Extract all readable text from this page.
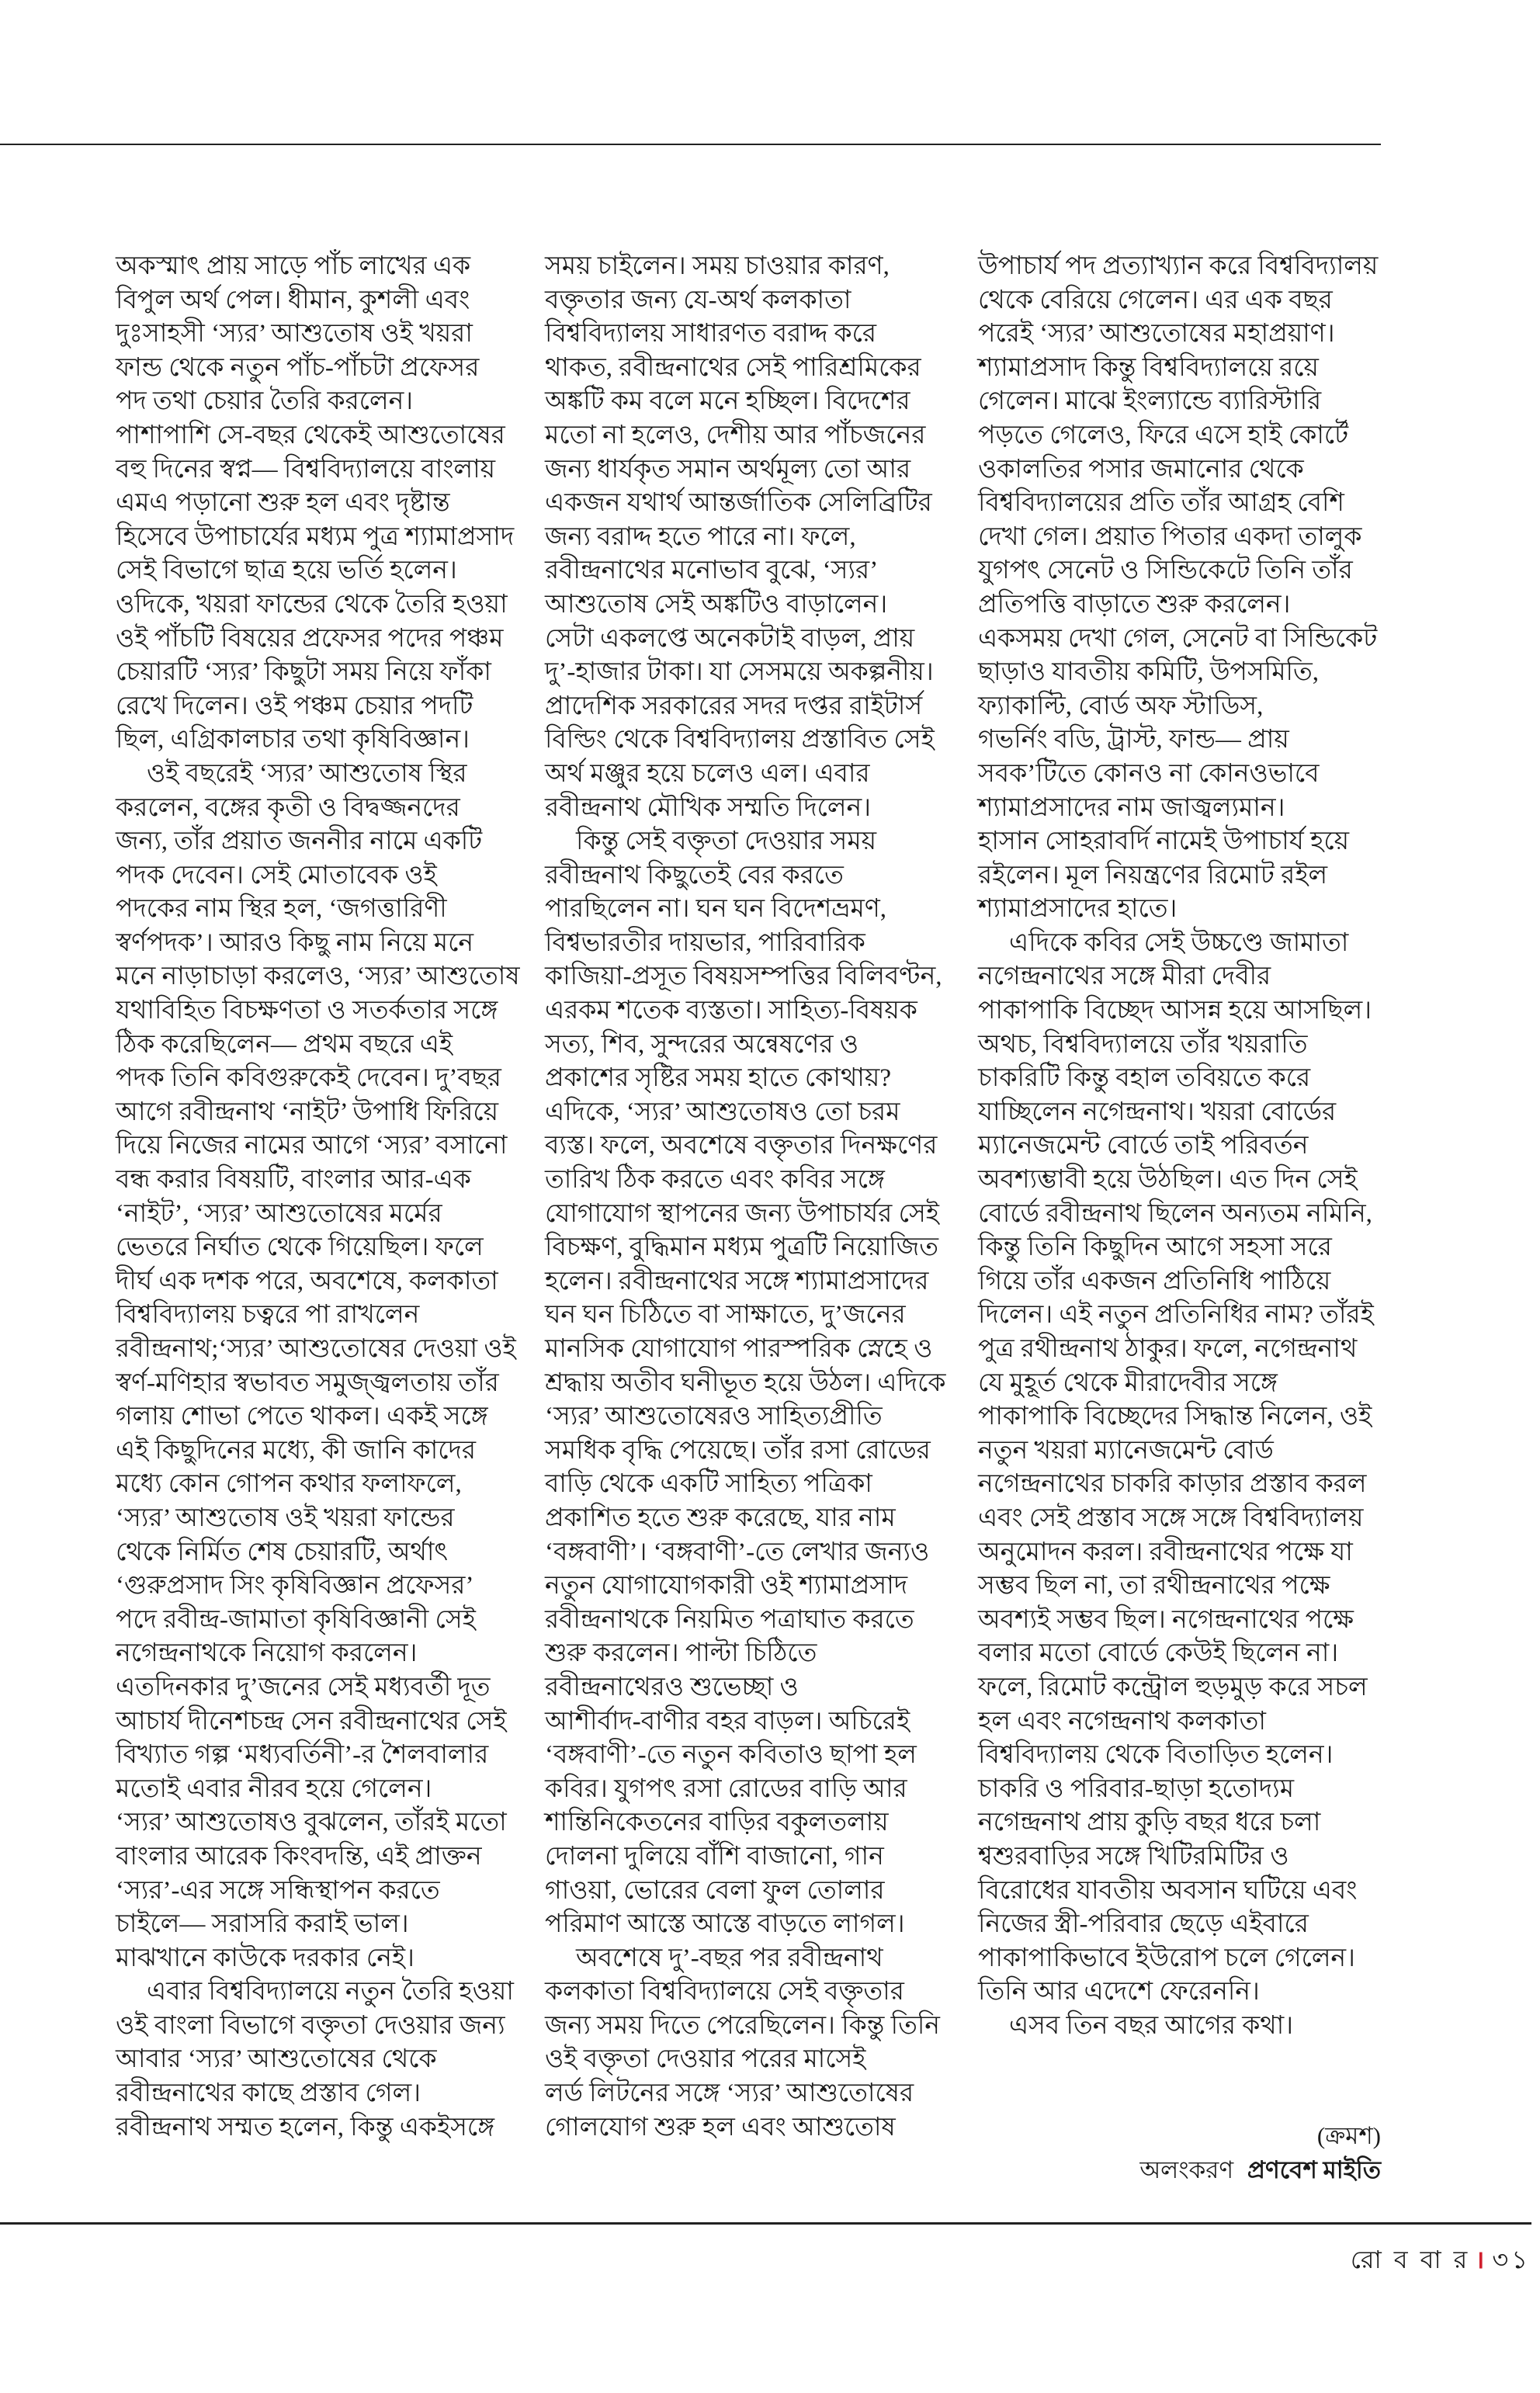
অকস্মাৎ প্রায় সাড়ে পাঁচ লাখের এক
বিপুল অর্থ পেল। ধীমান, কুশলী এবং
দুঃসাহসী ‘স্যর’ আশুতোষ ওই খয়রা
ফান্ড থেকে নতুন পাঁচ-পাঁচটা প্রফেসর
পদ তথা চেয়ার তৈরি করলেন।
পাশাপাশি সে-বছর থেকেই আশুতোষের
বহু দিনের স্বপ্ন— বিশ্ববিদ্যালয়ে বাংলায়
এমএ পড়ানো শুরু হল এবং দৃষ্টান্ত
হিসেবে উপাচার্যের মধ্যম পুত্র শ্যামাপ্রসাদ
সেই বিভাগে ছাত্র হয়ে ভর্তি হলেন।
ওদিকে, খয়রা ফান্ডের থেকে তৈরি হওয়া
ওই পাঁচটি বিষয়ের প্রফেসর পদের পঞ্চম
চেয়ারটি ‘স্যর’ কিছুটা সময় নিয়ে ফাঁকা
রেখে দিলেন। ওই পঞ্চম চেয়ার পদটি
ছিল, এগ্রিকালচার তথা কৃষিবিজ্ঞান।
ওই বছরেই ‘স্যর’ আশুতোষ স্থির
করলেন, বঙ্গের কৃতী ও বিদ্বজ্জনদের
জন্য, তাঁর প্রয়াত জননীর নামে একটি
পদক দেবেন। সেই মোতাবেক ওই
পদকের নাম স্থির হল, ‘জগত্তারিণী
স্বর্ণপদক’। আরও কিছু নাম নিয়ে মনে
মনে নাড়াচাড়া করলেও, ‘স্যর’ আশুতোষ
যথাবিহিত বিচক্ষণতা ও সতর্কতার সঙ্গে
ঠিক করেছিলেন— প্রথম বছরে এই
পদক তিনি কবিগুরুকেই দেবেন। দু’বছর
আগে রবীন্দ্রনাথ ‘নাইট’ উপাধি ফিরিয়ে
দিয়ে নিজের নামের আগে ‘স্যর’ বসানো
বন্ধ করার বিষয়টি, বাংলার আর-এক
‘নাইট’, ‘স্যর’ আশুতোষের মর্মের
ভেতরে নির্ঘাত থেকে গিয়েছিল। ফলে
দীর্ঘ এক দশক পরে, অবশেষে, কলকাতা
বিশ্ববিদ্যালয় চত্বরে পা রাখলেন
রবীন্দ্রনাথ;‘স্যর’ আশুতোষের দেওয়া ওই
স্বর্ণ-মণিহার স্বভাবত সমুজ্জ্বলতায় তাঁর
গলায় শোভা পেতে থাকল। একই সঙ্গে
এই কিছুদিনের মধ্যে, কী জানি কাদের
মধ্যে কোন গোপন কথার ফলাফলে,
‘স্যর’ আশুতোষ ওই খয়রা ফান্ডের
থেকে নির্মিত শেষ চেয়ারটি, অর্থাৎ
‘গুরুপ্রসাদ সিং কৃষিবিজ্ঞান প্রফেসর’
পদে রবীন্দ্র-জামাতা কৃষিবিজ্ঞানী সেই
নগেন্দ্রনাথকে নিয়োগ করলেন।
এতদিনকার দু’জনের সেই মধ্যবর্তী দূত
আচার্য দীনেশচন্দ্র সেন রবীন্দ্রনাথের সেই
বিখ্যাত গল্প ‘মধ্যবর্তিনী’-র শৈলবালার
মতোই এবার নীরব হয়ে গেলেন।
‘স্যর’ আশুতোষও বুঝলেন, তাঁরই মতো
বাংলার আরেক কিংবদন্তি, এই প্রাক্তন
‘স্যর’-এর সঙ্গে সন্ধিস্থাপন করতে
চাইলে— সরাসরি করাই ভাল।
মাঝখানে কাউকে দরকার নেই।
এবার বিশ্ববিদ্যালয়ে নতুন তৈরি হওয়া
ওই বাংলা বিভাগে বক্তৃতা দেওয়ার জন্য
আবার ‘স্যর’ আশুতোষের থেকে
রবীন্দ্রনাথের কাছে প্রস্তাব গেল।
রবীন্দ্রনাথ সম্মত হলেন, কিন্তু একইসঙ্গে
সময় চাইলেন। সময় চাওয়ার কারণ,
বক্তৃতার জন্য যে-অর্থ কলকাতা
বিশ্ববিদ্যালয় সাধারণত বরাদ্দ করে
থাকত, রবীন্দ্রনাথের সেই পারিশ্রমিকের
অঙ্কটি কম বলে মনে হচ্ছিল। বিদেশের
মতো না হলেও, দেশীয় আর পাঁচজনের
জন্য ধার্যকৃত সমান অর্থমূল্য তো আর
একজন যথার্থ আন্তর্জাতিক সেলিব্রিটির
জন্য বরাদ্দ হতে পারে না। ফলে,
রবীন্দ্রনাথের মনোভাব বুঝে, ‘স্যর’
আশুতোষ সেই অঙ্কটিও বাড়ালেন।
সেটা একলপ্তে অনেকটাই বাড়ল, প্রায়
দু’-হাজার টাকা। যা সেসময়ে অকল্পনীয়।
প্রাদেশিক সরকারের সদর দপ্তর রাইটার্স
বিল্ডিং থেকে বিশ্ববিদ্যালয় প্রস্তাবিত সেই
অর্থ মঞ্জুর হয়ে চলেও এল। এবার
রবীন্দ্রনাথ মৌখিক সম্মতি দিলেন।
কিন্তু সেই বক্তৃতা দেওয়ার সময়
রবীন্দ্রনাথ কিছুতেই বের করতে
পারছিলেন না। ঘন ঘন বিদেশভ্রমণ,
বিশ্বভারতীর দায়ভার, পারিবারিক
কাজিয়া-প্রসূত বিষয়সম্পত্তির বিলিবণ্টন,
এরকম শতেক ব্যস্ততা। সাহিত্য-বিষয়ক
সত্য, শিব, সুন্দরের অন্বেষণের ও
প্রকাশের সৃষ্টির সময় হাতে কোথায়?
এদিকে, ‘স্যর’ আশুতোষও তো চরম
ব্যস্ত। ফলে, অবশেষে বক্তৃতার দিনক্ষণের
তারিখ ঠিক করতে এবং কবির সঙ্গে
যোগাযোগ স্থাপনের জন্য উপাচার্যর সেই
বিচক্ষণ, বুদ্ধিমান মধ্যম পুত্রটি নিয়োজিত
হলেন। রবীন্দ্রনাথের সঙ্গে শ্যামাপ্রসাদের
ঘন ঘন চিঠিতে বা সাক্ষাতে, দু’জনের
মানসিক যোগাযোগ পারস্পরিক স্নেহে ও
শ্রদ্ধায় অতীব ঘনীভূত হয়ে উঠল। এদিকে
‘স্যর’ আশুতোষেরও সাহিত্যপ্রীতি
সমধিক বৃদ্ধি পেয়েছে। তাঁর রসা রোডের
বাড়ি থেকে একটি সাহিত্য পত্রিকা
প্রকাশিত হতে শুরু করেছে, যার নাম
‘বঙ্গবাণী’। ‘বঙ্গবাণী’-তে লেখার জন্যও
নতুন যোগাযোগকারী ওই শ্যামাপ্রসাদ
রবীন্দ্রনাথকে নিয়মিত পত্রাঘাত করতে
শুরু করলেন। পাল্টা চিঠিতে
রবীন্দ্রনাথেরও শুভেচ্ছা ও
আশীর্বাদ-বাণীর বহর বাড়ল। অচিরেই
‘বঙ্গবাণী’-তে নতুন কবিতাও ছাপা হল
কবির। যুগপৎ রসা রোডের বাড়ি আর
শান্তিনিকেতনের বাড়ির বকুলতলায়
দোলনা দুলিয়ে বাঁশি বাজানো, গান
গাওয়া, ভোরের বেলা ফুল তোলার
পরিমাণ আস্তে আস্তে বাড়তে লাগল।
অবশেষে দু’-বছর পর রবীন্দ্রনাথ
কলকাতা বিশ্ববিদ্যালয়ে সেই বক্তৃতার
জন্য সময় দিতে পেরেছিলেন। কিন্তু তিনি
ওই বক্তৃতা দেওয়ার পরের মাসেই
লর্ড লিটনের সঙ্গে ‘স্যর’ আশুতোষের
গোলযোগ শুরু হল এবং আশুতোষ
উপাচার্য পদ প্রত্যাখ্যান করে বিশ্ববিদ্যালয়
থেকে বেরিয়ে গেলেন। এর এক বছর
পরেই ‘স্যর’ আশুতোষের মহাপ্রয়াণ।
শ্যামাপ্রসাদ কিন্তু বিশ্ববিদ্যালয়ে রয়ে
গেলেন। মাঝে ইংল্যান্ডে ব্যারিস্টারি
পড়তে গেলেও, ফিরে এসে হাই কোর্টে
ওকালতির পসার জমানোর থেকে
বিশ্ববিদ্যালয়ের প্রতি তাঁর আগ্রহ বেশি
দেখা গেল। প্রয়াত পিতার একদা তালুক
যুগপৎ সেনেট ও সিন্ডিকেটে তিনি তাঁর
প্রতিপত্তি বাড়াতে শুরু করলেন।
একসময় দেখা গেল, সেনেট বা সিন্ডিকেট
ছাড়াও যাবতীয় কমিটি, উপসমিতি,
ফ্যাকাল্টি, বোর্ড অফ স্টাডিস,
গভর্নিং বডি, ট্রাস্ট, ফান্ড— প্রায়
সবক’টিতে কোনও না কোনওভাবে
শ্যামাপ্রসাদের নাম জাজ্বল্যমান।
হাসান সোহরাবর্দি নামেই উপাচার্য হয়ে
রইলেন। মূল নিয়ন্ত্রণের রিমোট রইল
শ্যামাপ্রসাদের হাতে।
এদিকে কবির সেই উচ্চণ্ডে জামাতা
নগেন্দ্রনাথের সঙ্গে মীরা দেবীর
পাকাপাকি বিচ্ছেদ আসন্ন হয়ে আসছিল।
অথচ, বিশ্ববিদ্যালয়ে তাঁর খয়রাতি
চাকরিটি কিন্তু বহাল তবিয়তে করে
যাচ্ছিলেন নগেন্দ্রনাথ। খয়রা বোর্ডের
ম্যানেজমেন্ট বোর্ডে তাই পরিবর্তন
অবশ্যম্ভাবী হয়ে উঠছিল। এত দিন সেই
বোর্ডে রবীন্দ্রনাথ ছিলেন অন্যতম নমিনি,
কিন্তু তিনি কিছুদিন আগে সহসা সরে
গিয়ে তাঁর একজন প্রতিনিধি পাঠিয়ে
দিলেন। এই নতুন প্রতিনিধির নাম? তাঁরই
পুত্র রথীন্দ্রনাথ ঠাকুর। ফলে, নগেন্দ্রনাথ
যে মুহূর্ত থেকে মীরাদেবীর সঙ্গে
পাকাপাকি বিচ্ছেদের সিদ্ধান্ত নিলেন, ওই
নতুন খয়রা ম্যানেজমেন্ট বোর্ড
নগেন্দ্রনাথের চাকরি কাড়ার প্রস্তাব করল
এবং সেই প্রস্তাব সঙ্গে সঙ্গে বিশ্ববিদ্যালয়
অনুমোদন করল। রবীন্দ্রনাথের পক্ষে যা
সম্ভব ছিল না, তা রথীন্দ্রনাথের পক্ষে
অবশ্যই সম্ভব ছিল। নগেন্দ্রনাথের পক্ষে
বলার মতো বোর্ডে কেউই ছিলেন না।
ফলে, রিমোট কন্ট্রোল হুড়মুড় করে সচল
হল এবং নগেন্দ্রনাথ কলকাতা
বিশ্ববিদ্যালয় থেকে বিতাড়িত হলেন।
চাকরি ও পরিবার-ছাড়া হতোদ্যম
নগেন্দ্রনাথ প্রায় কুড়ি বছর ধরে চলা
শ্বশুরবাড়ির সঙ্গে খিটিরমিটির ও
বিরোধের যাবতীয় অবসান ঘটিয়ে এবং
নিজের স্ত্রী-পরিবার ছেড়ে এইবারে
পাকাপাকিভাবে ইউরোপ চলে গেলেন।
তিনি আর এদেশে ফেরেননি।
এসব তিন বছর আগের কথা।
(ক্রমশ)
অলংকরণ প্রণবেশ মাইতি
রো ব বা র । ৩১
